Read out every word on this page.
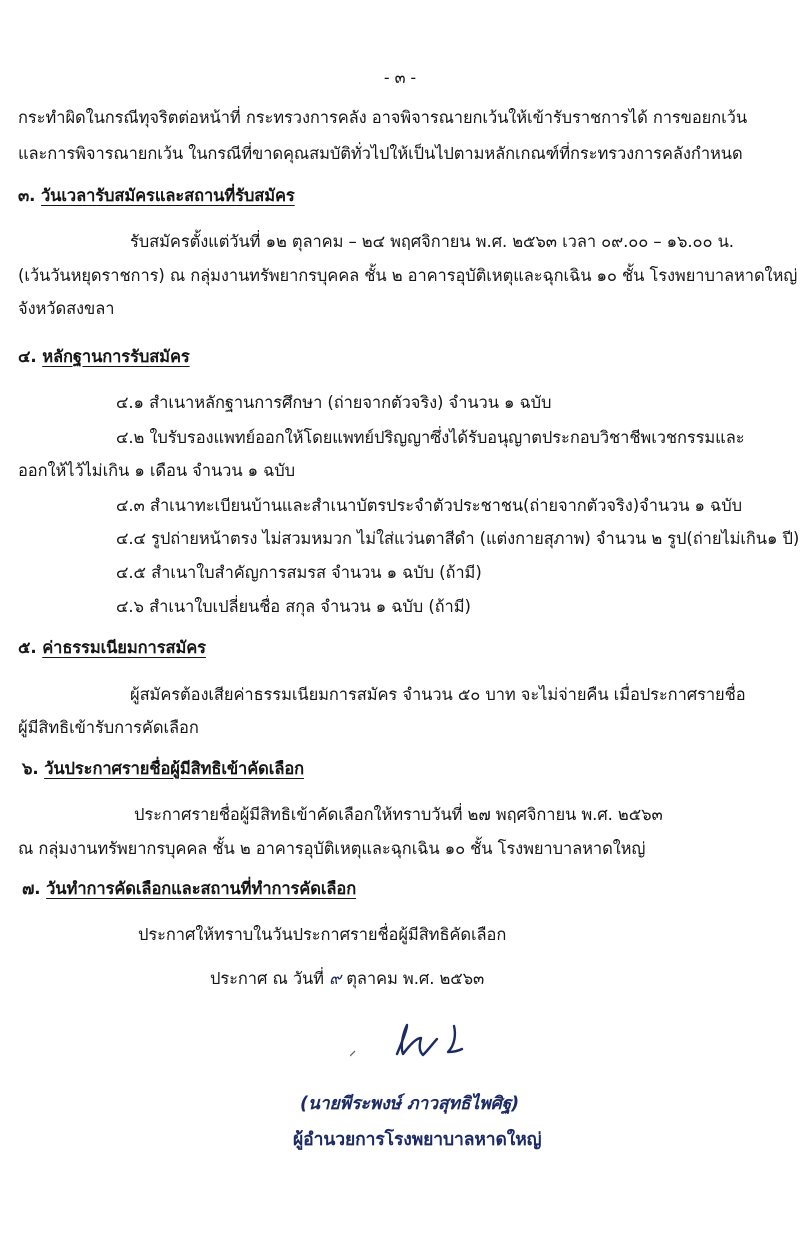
- ๓ -
กระทำผิดในกรณีทุจริตต่อหน้าที่ กระทรวงการคลัง อาจพิจารณายกเว้นให้เข้ารับราชการได้ การขอยกเว้น
และการพิจารณายกเว้น ในกรณีที่ขาดคุณสมบัติทั่วไปให้เป็นไปตามหลักเกณฑ์ที่กระทรวงการคลังกำหนด
๓. วันเวลารับสมัครและสถานที่รับสมัคร
รับสมัครตั้งแต่วันที่ ๑๒ ตุลาคม – ๒๔ พฤศจิกายน พ.ศ. ๒๕๖๓ เวลา ๐๙.๐๐ – ๑๖.๐๐ น.
(เว้นวันหยุดราชการ) ณ กลุ่มงานทรัพยากรบุคคล ชั้น ๒ อาคารอุบัติเหตุและฉุกเฉิน ๑๐ ชั้น โรงพยาบาลหาดใหญ่
จังหวัดสงขลา
๔. หลักฐานการรับสมัคร
๔.๑ สำเนาหลักฐานการศึกษา (ถ่ายจากตัวจริง) จำนวน ๑ ฉบับ
๔.๒ ใบรับรองแพทย์ออกให้โดยแพทย์ปริญญาซึ่งได้รับอนุญาตประกอบวิชาชีพเวชกรรมและ
ออกให้ไว้ไม่เกิน ๑ เดือน จำนวน ๑ ฉบับ
๔.๓ สำเนาทะเบียนบ้านและสำเนาบัตรประจำตัวประชาชน(ถ่ายจากตัวจริง)จำนวน ๑ ฉบับ
๔.๔ รูปถ่ายหน้าตรง ไม่สวมหมวก ไม่ใส่แว่นตาสีดำ (แต่งกายสุภาพ) จำนวน ๒ รูป(ถ่ายไม่เกิน๑ ปี)
๔.๕ สำเนาใบสำคัญการสมรส จำนวน ๑ ฉบับ (ถ้ามี)
๔.๖ สำเนาใบเปลี่ยนชื่อ สกุล จำนวน ๑ ฉบับ (ถ้ามี)
๕. ค่าธรรมเนียมการสมัคร
ผู้สมัครต้องเสียค่าธรรมเนียมการสมัคร จำนวน ๕๐ บาท จะไม่จ่ายคืน เมื่อประกาศรายชื่อ
ผู้มีสิทธิเข้ารับการคัดเลือก
๖. วันประกาศรายชื่อผู้มีสิทธิเข้าคัดเลือก
ประกาศรายชื่อผู้มีสิทธิเข้าคัดเลือกให้ทราบวันที่ ๒๗ พฤศจิกายน พ.ศ. ๒๕๖๓
ณ กลุ่มงานทรัพยากรบุคคล ชั้น ๒ อาคารอุบัติเหตุและฉุกเฉิน ๑๐ ชั้น โรงพยาบาลหาดใหญ่
๗. วันทำการคัดเลือกและสถานที่ทำการคัดเลือก
ประกาศให้ทราบในวันประกาศรายชื่อผู้มีสิทธิคัดเลือก
ประกาศ ณ วันที่ ๙ ตุลาคม พ.ศ. ๒๕๖๓
(นายพีระพงษ์ ภาวสุทธิไพศิฐ)
ผู้อำนวยการโรงพยาบาลหาดใหญ่
